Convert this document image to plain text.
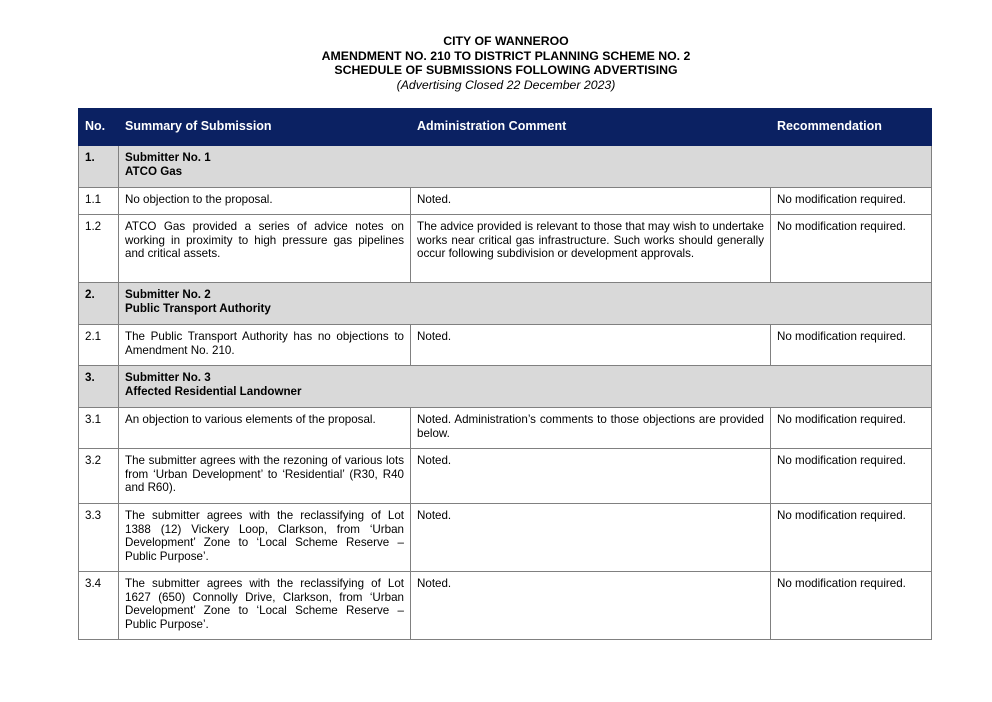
CITY OF WANNEROO
AMENDMENT NO. 210 TO DISTRICT PLANNING SCHEME NO. 2
SCHEDULE OF SUBMISSIONS FOLLOWING ADVERTISING
(Advertising Closed 22 December 2023)
No.	Summary of Submission	Administration Comment	Recommendation
1.	Submitter No. 1
ATCO Gas		

1.1	No objection to the proposal.	Noted.	No modification required.
1.2	ATCO Gas provided a series of advice notes on working in proximity to high pressure gas pipelines and critical assets.	The advice provided is relevant to those that may wish to undertake works near critical gas infrastructure. Such works should generally occur following subdivision or development approvals.	No modification required.
2.	Submitter No. 2
Public Transport Authority		

2.1	The Public Transport Authority has no objections to Amendment No. 210.	Noted.	No modification required.
3.	Submitter No. 3
Affected Residential Landowner		

3.1	An objection to various elements of the proposal.	Noted. Administration’s comments to those objections are provided below.	No modification required.
3.2	The submitter agrees with the rezoning of various lots from ‘Urban Development’ to ‘Residential’ (R30, R40 and R60).	Noted.	No modification required.
3.3	The submitter agrees with the reclassifying of Lot 1388 (12) Vickery Loop, Clarkson, from ‘Urban Development’ Zone to ‘Local Scheme Reserve – Public Purpose’.	Noted.	No modification required.
3.4	The submitter agrees with the reclassifying of Lot 1627 (650) Connolly Drive, Clarkson, from ‘Urban Development’ Zone to ‘Local Scheme Reserve – Public Purpose’.	Noted.	No modification required.
